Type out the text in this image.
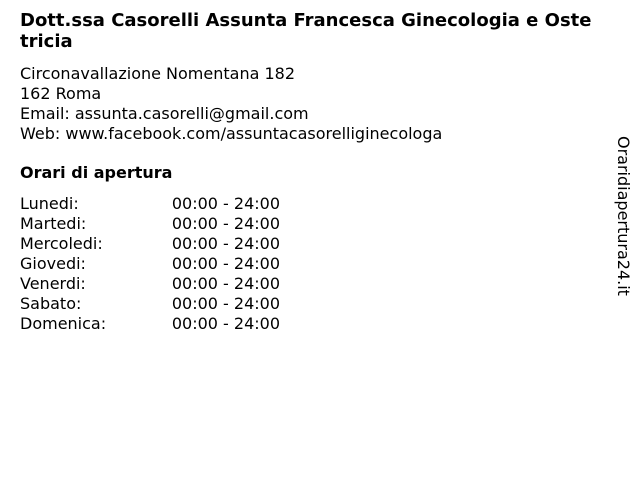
Dott.ssa Casorelli Assunta Francesca Ginecologia e Ostetricia
Circonavallazione Nomentana 182
162 Roma
Email: assunta.casorelli@gmail.com
Web: www.facebook.com/assuntacasorelliginecologa
Orari di apertura
Lunedi:	00:00 - 24:00
Martedi:	00:00 - 24:00
Mercoledi:	00:00 - 24:00
Giovedi:	00:00 - 24:00
Venerdi:	00:00 - 24:00
Sabato:	00:00 - 24:00
Domenica:	00:00 - 24:00
Oraridiapertura24.it
